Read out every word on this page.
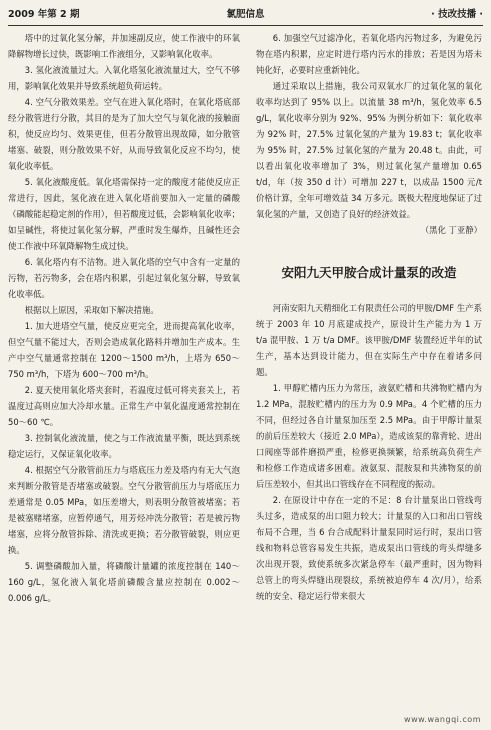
2009 年第 2 期	氯肥信息	· 技改技播 ·

塔中的过氧化氢分解，并加速副反应，使工作液中的环氧降解物增长过快，既影响工作液组分，又影响氧化收率。

3. 氢化液流量过大。入氧化塔氢化液流量过大，空气不够用，影响氧化效果并导致系统超负荷运转。

4. 空气分散效果差。空气在进入氧化塔时，在氧化塔底部经分散管进行分散，其目的是为了加大空气与氧化液的接触面积，使反应均匀、效果更佳，但若分散管出现故障，如分散管堵塞、破裂，则分散效果不好，从而导致氧化反应不均匀，使氧化收率低。

5. 氧化液酸度低。氧化塔需保持一定的酸度才能使反应正常进行，因此，氢化液在进入氧化塔前要加入一定量的磷酸（磷酸能起稳定剂的作用），但若酸度过低，会影响氧化收率；如呈碱性，将使过氧化氢分解，严重时发生爆炸，且碱性还会使工作液中环氧降解物生成过快。

6. 氧化塔内有不洁物。进入氧化塔的空气中含有一定量的污物，若污物多，会在塔内积累，引起过氧化氢分解，导致氧化收率低。

根据以上原因，采取如下解决措施。

1. 加大进塔空气量，使反应更完全，进而提高氧化收率，但空气量不能过大，否则会造成氧化路料并增加生产成本。生产中空气量通常控制在 1200～1500 m³/h，上塔为 650～750 m³/h，下塔为 600～700 m³/h。

2. 夏天使用氧化塔夹套时，若温度过低可将夹套关上，若温度过高则应加大冷却水量。正常生产中氧化温度通常控制在 50～60 ℃。

3. 控制氧化液流量，使之与工作液流量平衡，既达到系统稳定运行，又保证氧化收率。

4. 根据空气分散管前压力与塔底压力差及塔内有无大气泡来判断分散管是否堵塞或破裂。空气分散管前压力与塔底压力差通常是 0.05 MPa，如压差增大，则表明分散管被堵塞；若是被塞赌堵塞，应暂停通气，用芳烃冲洗分散管；若是被污物堵塞，应将分散管拆除、清洗或更换；若分散管破裂，则应更换。

5. 调整磷酸加入量，将磷酸计量罐的浓度控制在 140～160 g/L，氢化液入氧化塔前磷酸含量应控制在 0.002～0.006 g/L。

6. 加强空气过滤净化，若氧化塔内污物过多，为避免污物在塔内积累，应定时进行塔内污水的排放；若是因为塔未钝化好，必要时应重新钝化。

通过采取以上措施，我公司双氧水厂的过氧化氢的氧化收率均达到了 95% 以上。以流量 38 m³/h，氢化效率 6.5 g/L，氧化收率分别为 92%、95% 为例分析如下：氧化收率为 92% 时，27.5% 过氧化氢的产量为 19.83 t；氧化收率为 95% 时，27.5% 过氧化氢的产量为 20.48 t。由此，可以看出氧化收率增加了 3%，则过氧化氢产量增加 0.65 t/d，年（按 350 d 计）可增加 227 t，以成品 1500 元/t 价格计算，全年可增效益 34 万多元。既极大程度地保证了过氧化氢的产量，又创造了良好的经济效益。

（黑化 丁亚静）

安阳九天甲胺合成计量泵的改造

河南安阳九天精细化工有限责任公司的甲胺/DMF 生产系统于 2003 年 10 月底建成投产，原设计生产能力为 1 万 t/a 混甲胺、1 万 t/a DMF。该甲胺/DMF 装置经近半年的试生产，基本达到设计能力，但在实际生产中存在着诸多问题。

1. 甲醇贮槽内压力为常压，液氨贮槽和共沸物贮槽内为 1.2 MPa，混胺贮槽内的压力为 0.9 MPa。4 个贮槽的压力不同，但经过各自计量泵加压至 2.5 MPa。由于甲醇计量泵的前后压差较大（接近 2.0 MPa），造成该泵的靠背轮、进出口阀座等部件磨损严重，检修更换频繁，给系统高负荷生产和检修工作造成诸多困难。液氨泵、混胺泵和共沸物泵的前后压差较小，但其出口管线存在不同程度的振动。

2. 在原设计中存在一定的不足：8 台计量泵出口管线弯头过多，造成泵的出口阻力较大；计量泵的入口和出口管线布局不合理，当 6 台合成配料计量泵同时运行时，泵出口管线和物料总管容易发生共振，造成泵出口管线的弯头焊缝多次出现开裂，致使系统多次紧急停车（最严重时，因为物料总管上的弯头焊缝出现裂纹，系统被迫停车 4 次/月），给系统的安全、稳定运行带来很大

www.wangqi.com
